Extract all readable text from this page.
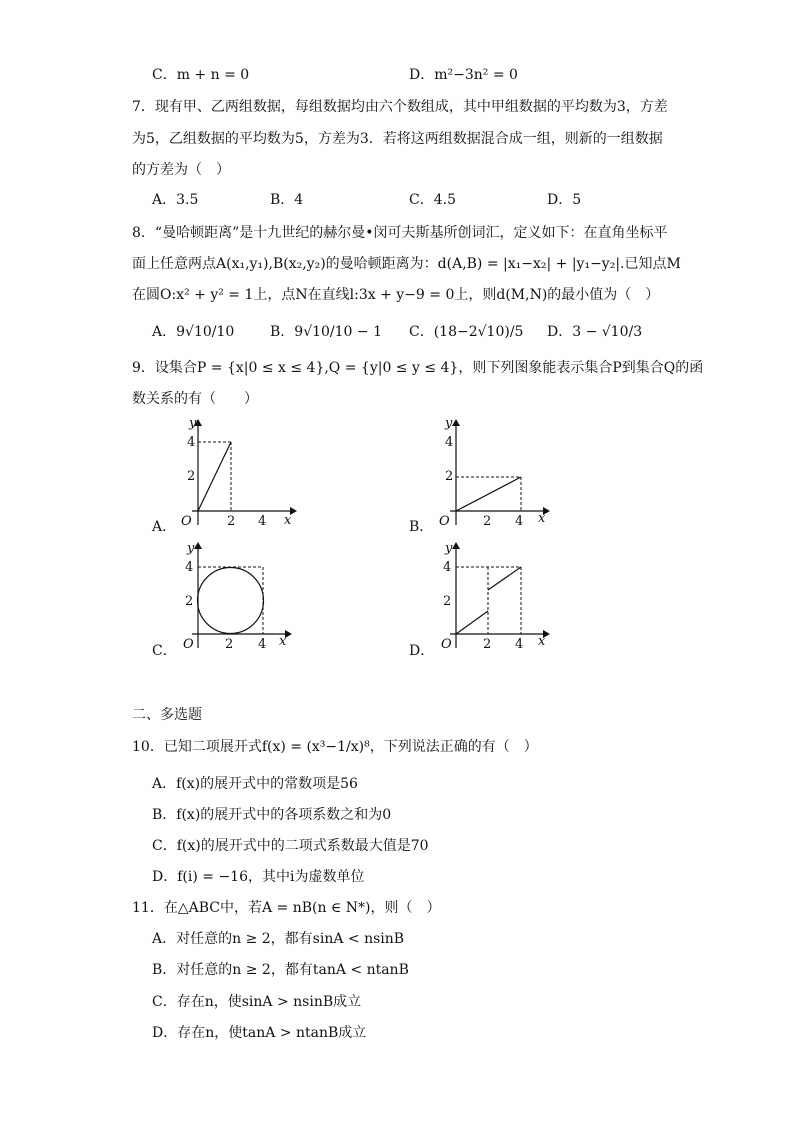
C．m + n = 0	D．m²−3n² = 0
7．现有甲、乙两组数据，每组数据均由六个数组成，其中甲组数据的平均数为3，方差
为5，乙组数据的平均数为5，方差为3．若将这两组数据混合成一组，则新的一组数据
的方差为（　）
A．3.5	B．4	C．4.5	D．5
8．“曼哈顿距离”是十九世纪的赫尔曼•闵可夫斯基所创词汇，定义如下：在直角坐标平
面上任意两点A(x₁,y₁),B(x₂,y₂)的曼哈顿距离为：d(A,B) = |x₁−x₂| + |y₁−y₂|.已知点M
在圆O:x² + y² = 1上，点N在直线l:3x + y−9 = 0上，则d(M,N)的最小值为（　）
A．9√10/10	B．9√10/10 − 1 C．(18−2√10)/5 D．3 − √10/3
9．设集合P = {x|0 ≤ x ≤ 4},Q = {y|0 ≤ y ≤ 4}，则下列图象能表示集合P到集合Q的函
数关系的有（　　）
A．
y
x
O
4
2
2 4	B．
y
x
O
4
2
2 4
C．
y
x
O
4
2
2 4	D．
y
x
O
4
2
2 4
二、多选题
10．已知二项展开式f(x) = (x³−1/x)⁸，下列说法正确的有（　）
A．f(x)的展开式中的常数项是56
B．f(x)的展开式中的各项系数之和为0
C．f(x)的展开式中的二项式系数最大值是70
D．f(i) = −16，其中i为虚数单位
11．在△ABC中，若A = nB(n ∈ N*)，则（　）
A．对任意的n ≥ 2，都有sinA < nsinB
B．对任意的n ≥ 2，都有tanA < ntanB
C．存在n，使sinA > nsinB成立
D．存在n，使tanA > ntanB成立
